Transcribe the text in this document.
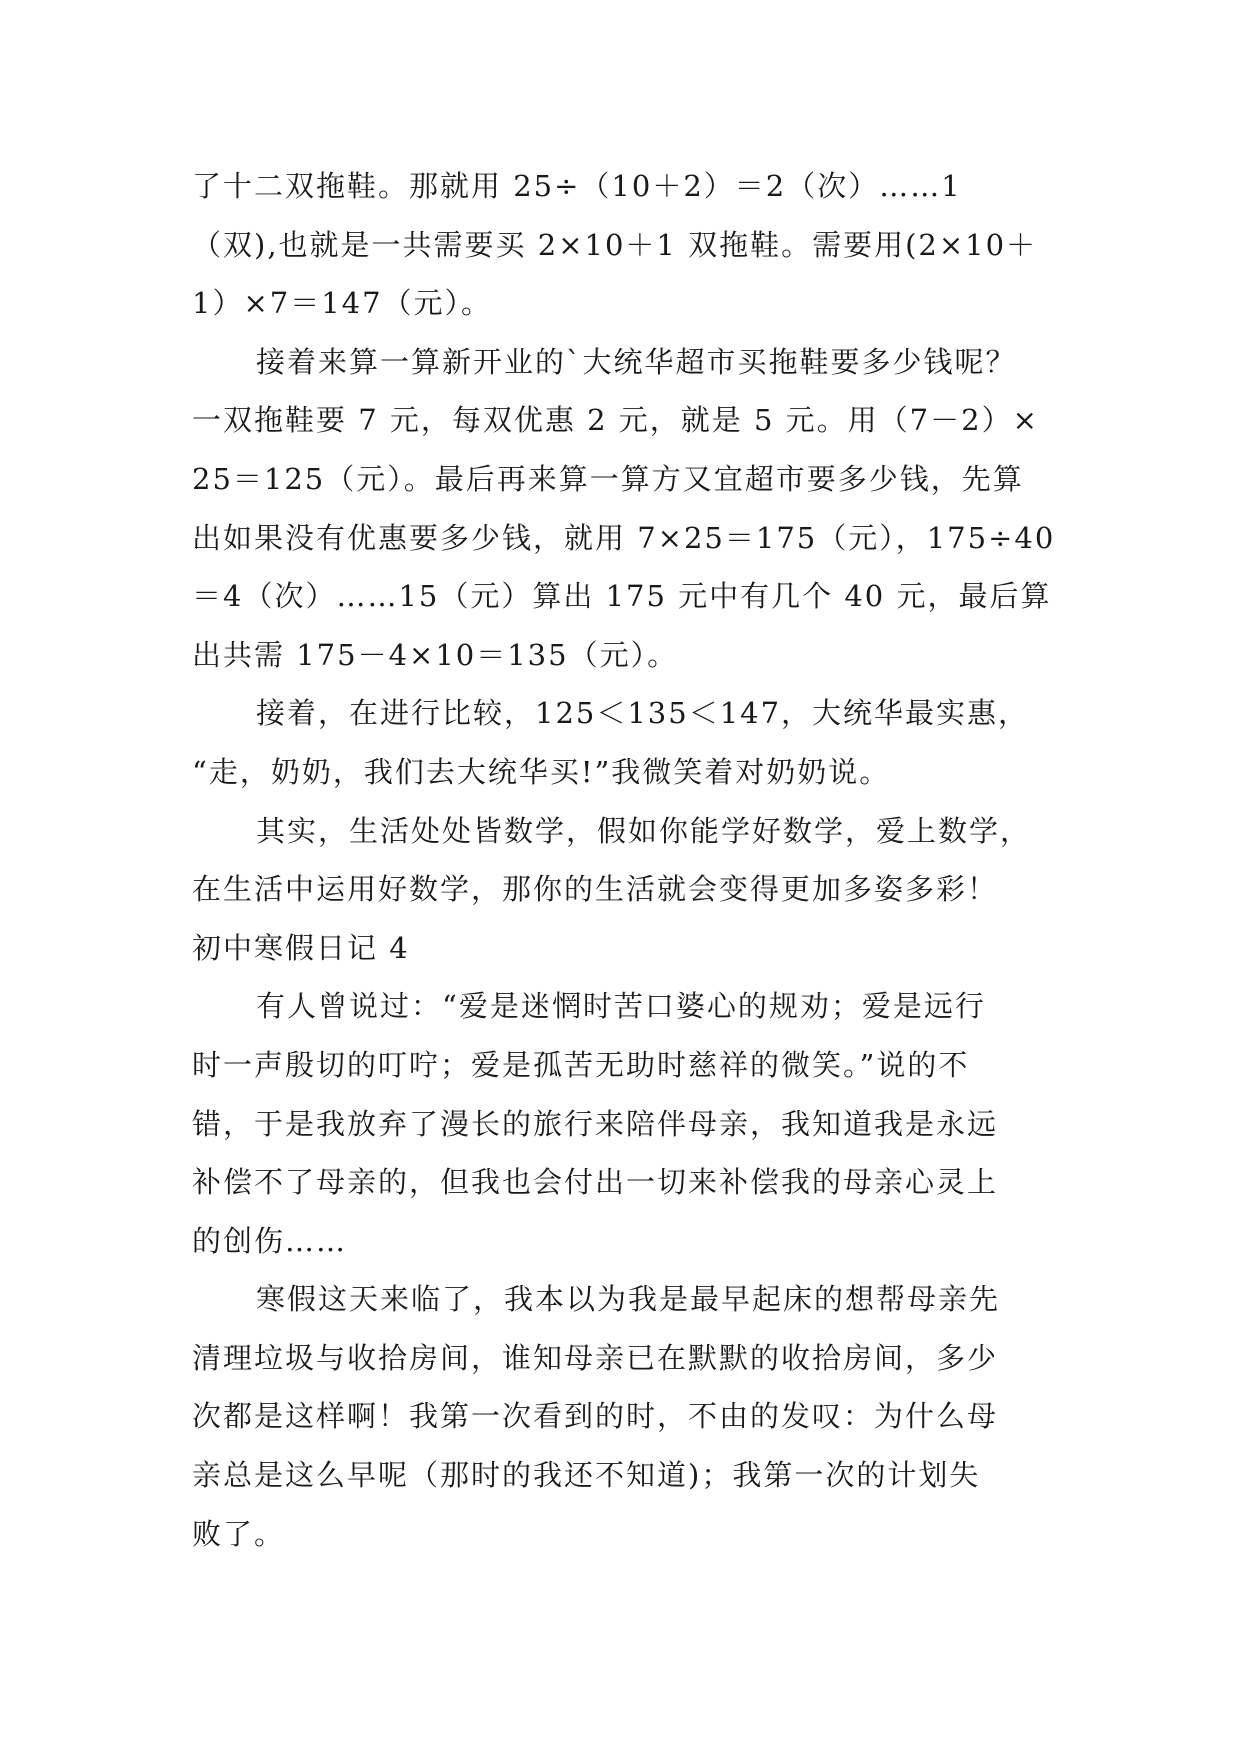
了十二双拖鞋。那就用 25÷（10＋2）＝2（次）……1
（双),也就是一共需要买 2×10＋1 双拖鞋。需要用(2×10＋
1）×7＝147（元）。
接着来算一算新开业的`大统华超市买拖鞋要多少钱呢？
一双拖鞋要 7 元，每双优惠 2 元，就是 5 元。用（7－2）×
25＝125（元）。最后再来算一算方又宜超市要多少钱，先算
出如果没有优惠要多少钱，就用 7×25＝175（元），175÷40
＝4（次）……15（元）算出 175 元中有几个 40 元，最后算
出共需 175－4×10＝135（元）。
接着，在进行比较，125＜135＜147，大统华最实惠，
“走，奶奶，我们去大统华买!”我微笑着对奶奶说。
其实，生活处处皆数学，假如你能学好数学，爱上数学，
在生活中运用好数学，那你的生活就会变得更加多姿多彩！
初中寒假日记 4
有人曾说过：“爱是迷惘时苦口婆心的规劝；爱是远行
时一声殷切的叮咛；爱是孤苦无助时慈祥的微笑。”说的不
错，于是我放弃了漫长的旅行来陪伴母亲，我知道我是永远
补偿不了母亲的，但我也会付出一切来补偿我的母亲心灵上
的创伤……
寒假这天来临了，我本以为我是最早起床的想帮母亲先
清理垃圾与收拾房间，谁知母亲已在默默的收拾房间，多少
次都是这样啊！我第一次看到的时，不由的发叹：为什么母
亲总是这么早呢（那时的我还不知道)；我第一次的计划失
败了。
